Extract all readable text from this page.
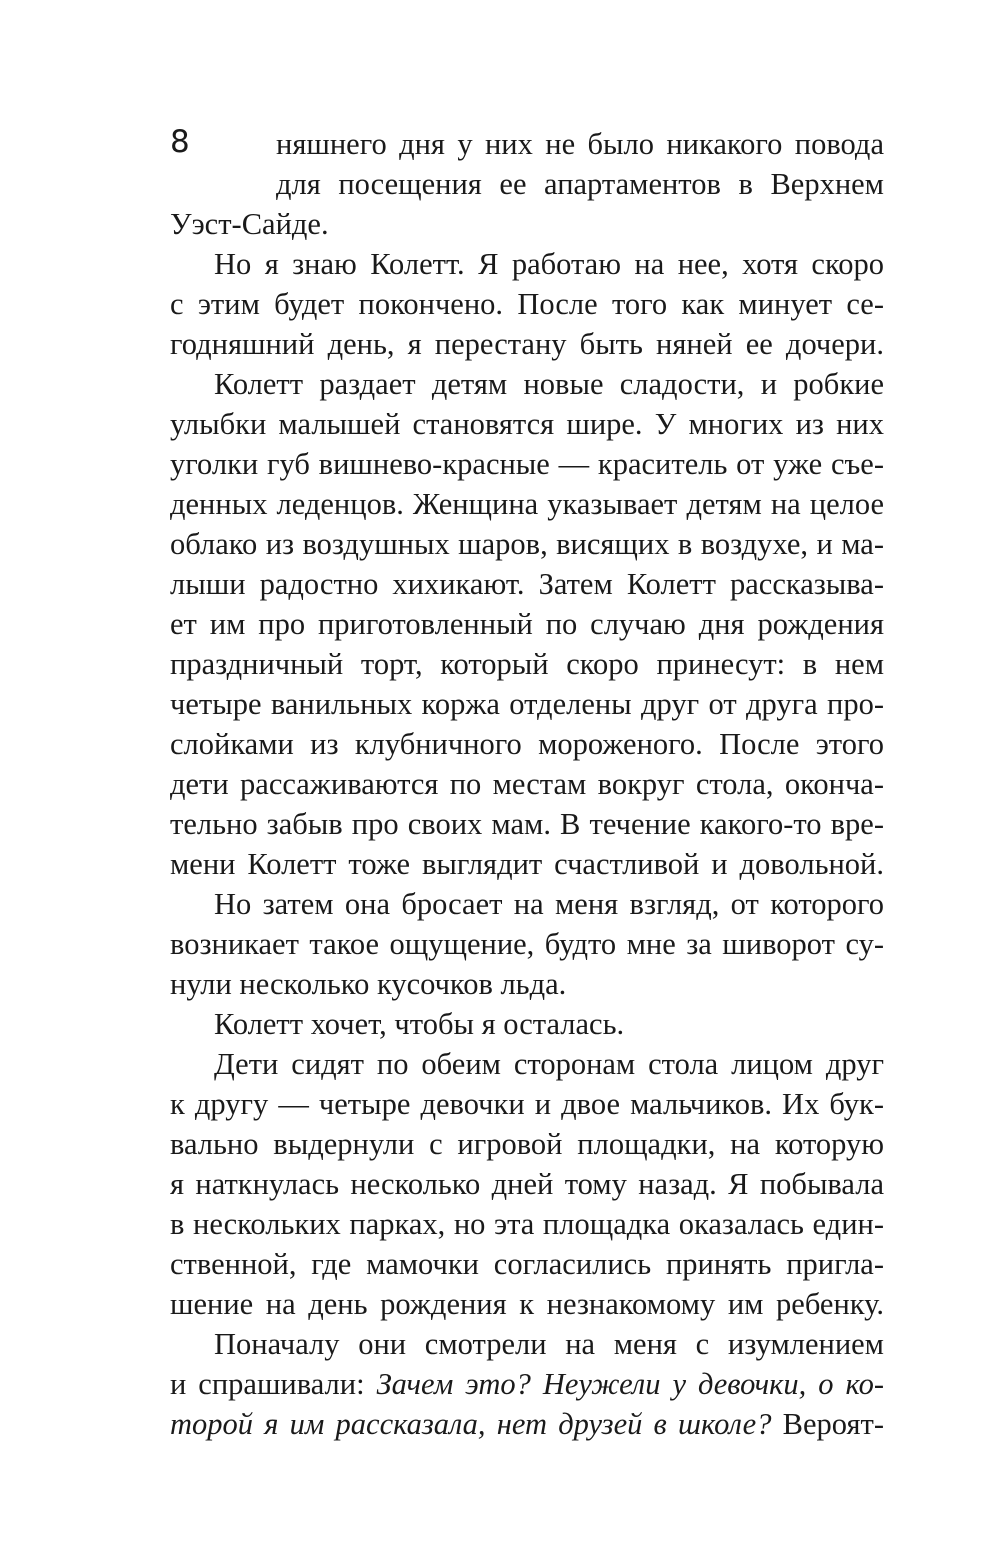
8	няшнего дня у них не было никакого повода
для посещения ее апартаментов в Верхнем
Уэст-Сайде.
Но я знаю Колетт. Я работаю на нее, хотя скоро
с этим будет покончено. После того как минует се-
годняшний день, я перестану быть няней ее дочери.
Колетт раздает детям новые сладости, и робкие
улыбки малышей становятся шире. У многих из них
уголки губ вишнево-красные — краситель от уже съе-
денных леденцов. Женщина указывает детям на целое
облако из воздушных шаров, висящих в воздухе, и ма-
лыши радостно хихикают. Затем Колетт рассказыва-
ет им про приготовленный по случаю дня рождения
праздничный торт, который скоро принесут: в нем
четыре ванильных коржа отделены друг от друга про-
слойками из клубничного мороженого. После этого
дети рассаживаются по местам вокруг стола, оконча-
тельно забыв про своих мам. В течение какого-то вре-
мени Колетт тоже выглядит счастливой и довольной.
Но затем она бросает на меня взгляд, от которого
возникает такое ощущение, будто мне за шиворот су-
нули несколько кусочков льда.
Колетт хочет, чтобы я осталась.
Дети сидят по обеим сторонам стола лицом друг
к другу — четыре девочки и двое мальчиков. Их бук-
вально выдернули с игровой площадки, на которую
я наткнулась несколько дней тому назад. Я побывала
в нескольких парках, но эта площадка оказалась един-
ственной, где мамочки согласились принять пригла-
шение на день рождения к незнакомому им ребенку.
Поначалу они смотрели на меня с изумлением
и спрашивали: Зачем это? Неужели у девочки, о ко-
торой я им рассказала, нет друзей в школе? Вероят-
